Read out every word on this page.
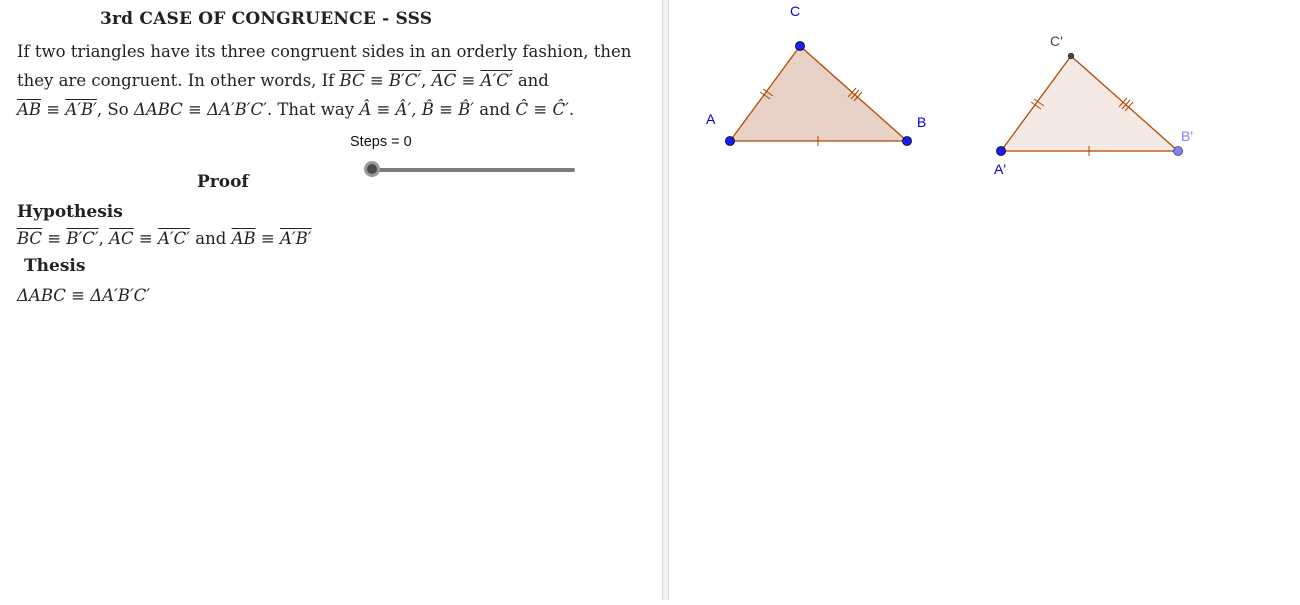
3rd CASE OF CONGRUENCE - SSS
If two triangles have its three congruent sides in an orderly fashion, then
they are congruent. In other words, If $\overline{BC} \equiv B'C'$, $\overline{AC} \equiv A'C'$ and
$\overline{AB} \equiv A'B'$, So ΔABC ≡ ΔA′B′C′. That way Â ≡ Â′, B̂ ≡ B̂′ and Ĉ ≡ Ĉ′.
Steps = 0
Proof
Hypothesis
$\overline{BC} \equiv B'C'$, $\overline{AC} \equiv A'C'$ and $\overline{AB} \equiv A'B'$
Thesis
ΔABC ≡ ΔA′B′C′
A	B
C
A'
B'
C'
